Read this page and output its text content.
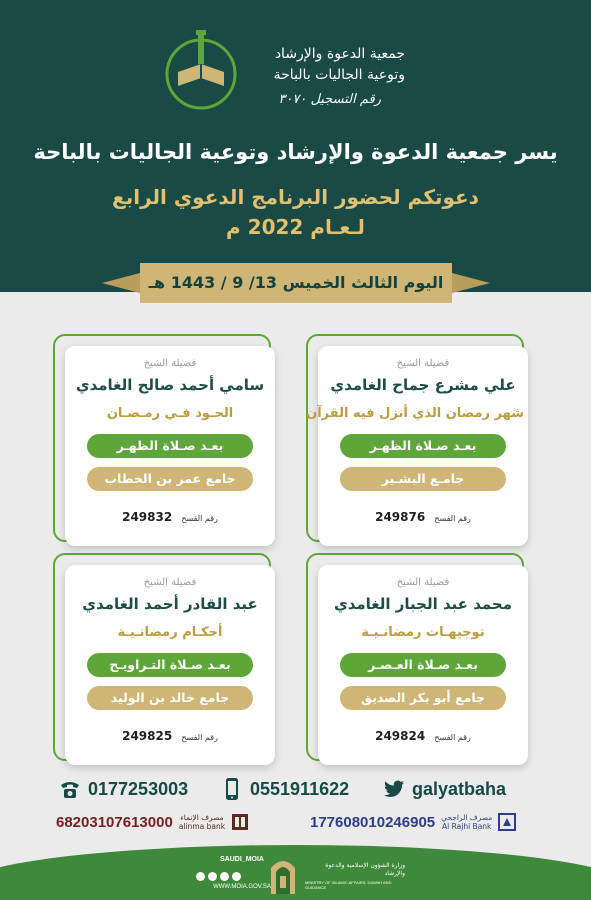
جمعية الدعوة والإرشاد
وتوعية الجاليات بالباحة
رقم التسجيل ٣٠٧٠
يسر جمعية الدعوة والإرشاد وتوعية الجاليات بالباحة
دعوتكم لحضور البرنامج الدعوي الرابع
لـعـام 2022 م
اليوم الثالث الخميس 13/ 9 / 1443 هـ
فضيلة الشيخ
علي مشرع جماح الغامدي
شهر رمضان الذي أنزل فيه القرآن
بعـد صـلاة الظهـر
جامـع البشـير
رقم الفسح 249876
فضيلة الشيخ
سامي أحمد صالح الغامدي
الجـود فـي رمـضـان
بعـد صـلاة الظهـر
جامع عمر بن الخطاب
رقم الفسح 249832
فضيلة الشيخ
محمد عبد الجبار الغامدي
توجيهـات رمضانـيـة
بعـد صـلاة العـصـر
جامع أبو بكر الصديق
رقم الفسح 249824
فضيلة الشيخ
عبد القادر أحمد الغامدي
أحكـام رمضانـيـة
بعـد صـلاة التـراويـح
جامع خالد بن الوليد
رقم الفسح 249825
0177253003	0551911622	galyatbaha
68203107613000 مصرف الإنماء
alinma bank	177608010246905 مصرف الراجحي
Al Rajhi Bank
SAUDI_MOIA
WWW.MOIA.GOV.SA
وزارة الشؤون الإسلامية والدعوة والإرشاد
MINISTRY OF ISLAMIC AFFAIRS, DAWAH AND GUIDANCE
